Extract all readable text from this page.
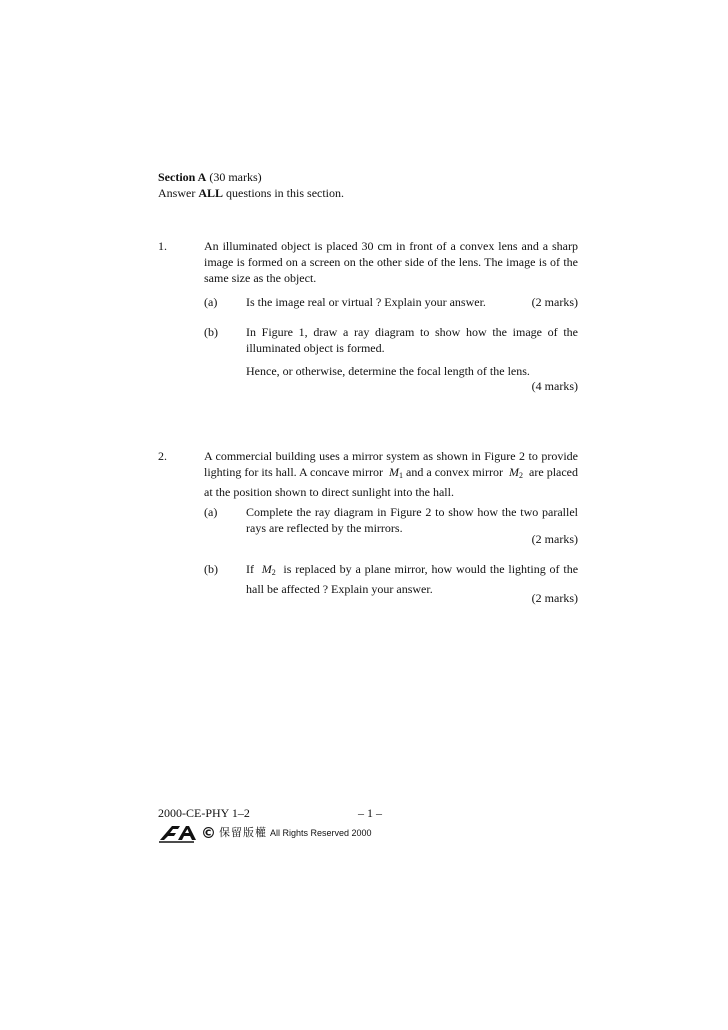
Section A (30 marks)
Answer ALL questions in this section.
1.	An illuminated object is placed 30 cm in front of a convex lens and a sharp image is formed on a screen on the other side of the lens. The image is of the same size as the object.
(a) Is the image real or virtual ? Explain your answer.	(2 marks)
(b) In Figure 1, draw a ray diagram to show how the image of the illuminated object is formed.
Hence, or otherwise, determine the focal length of the lens.
(4 marks)
2.	A commercial building uses a mirror system as shown in Figure 2 to provide lighting for its hall. A concave mirror $M_1$ and a convex mirror $M_2$ are placed at the position shown to direct sunlight into the hall.
(a) Complete the ray diagram in Figure 2 to show how the two parallel rays are reflected by the mirrors.
(2 marks)
(b) If $M_2$ is replaced by a plane mirror, how would the lighting of the hall be affected ? Explain your answer.
(2 marks)
2000-CE-PHY 1–2	– 1 –
© 保留版權 All Rights Reserved 2000
